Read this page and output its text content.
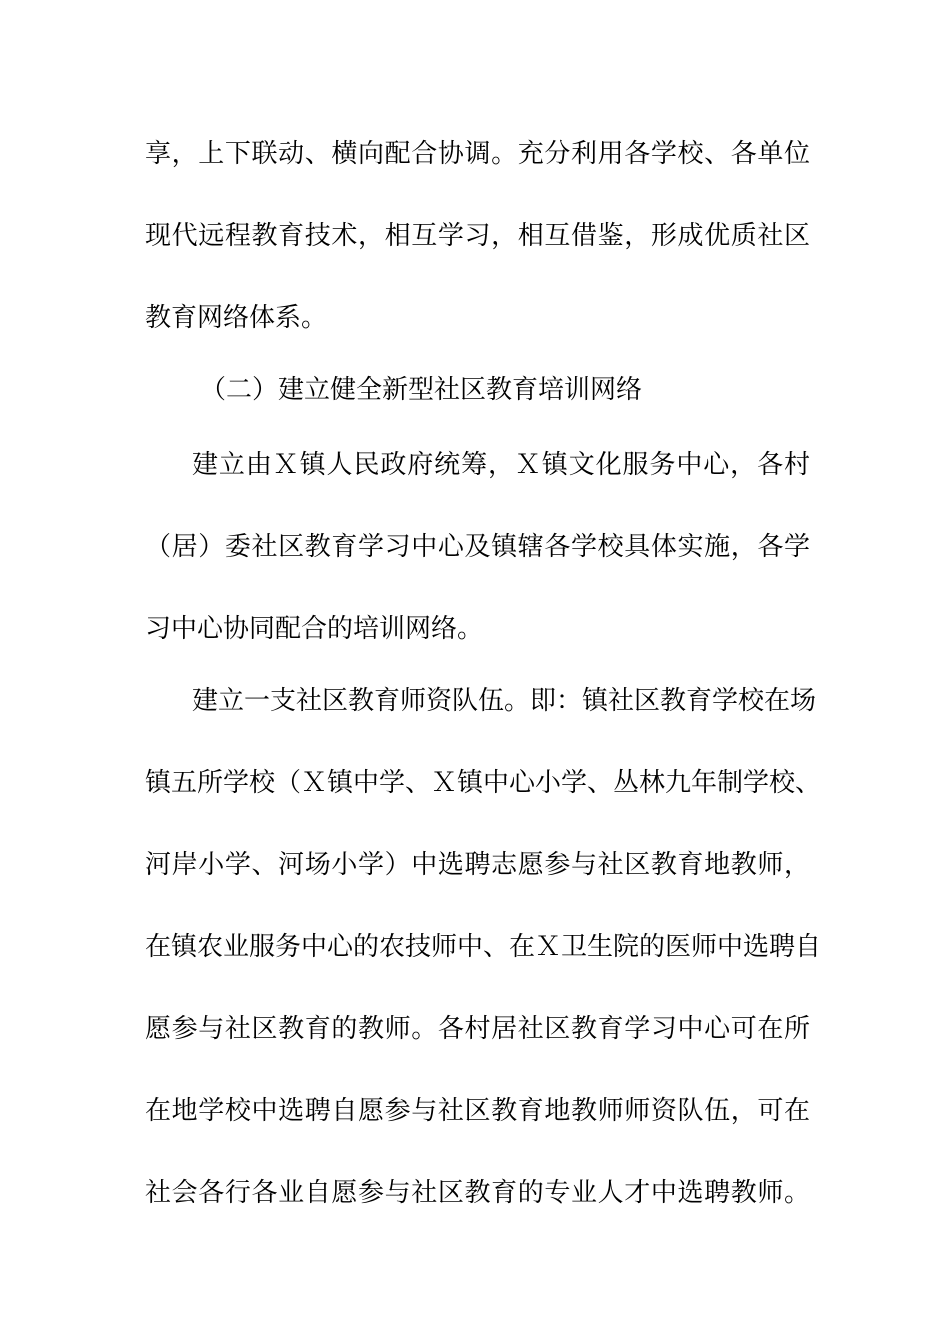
享，上下联动、横向配合协调。充分利用各学校、各单位
现代远程教育技术，相互学习，相互借鉴，形成优质社区
教育网络体系。
（二）建立健全新型社区教育培训网络
建立由Ｘ镇人民政府统筹，Ｘ镇文化服务中心，各村
（居）委社区教育学习中心及镇辖各学校具体实施，各学
习中心协同配合的培训网络。
建立一支社区教育师资队伍。即：镇社区教育学校在场
镇五所学校（Ｘ镇中学、Ｘ镇中心小学、丛林九年制学校、
河岸小学、河场小学）中选聘志愿参与社区教育地教师，
在镇农业服务中心的农技师中、在Ｘ卫生院的医师中选聘自
愿参与社区教育的教师。各村居社区教育学习中心可在所
在地学校中选聘自愿参与社区教育地教师师资队伍，可在
社会各行各业自愿参与社区教育的专业人才中选聘教师。
